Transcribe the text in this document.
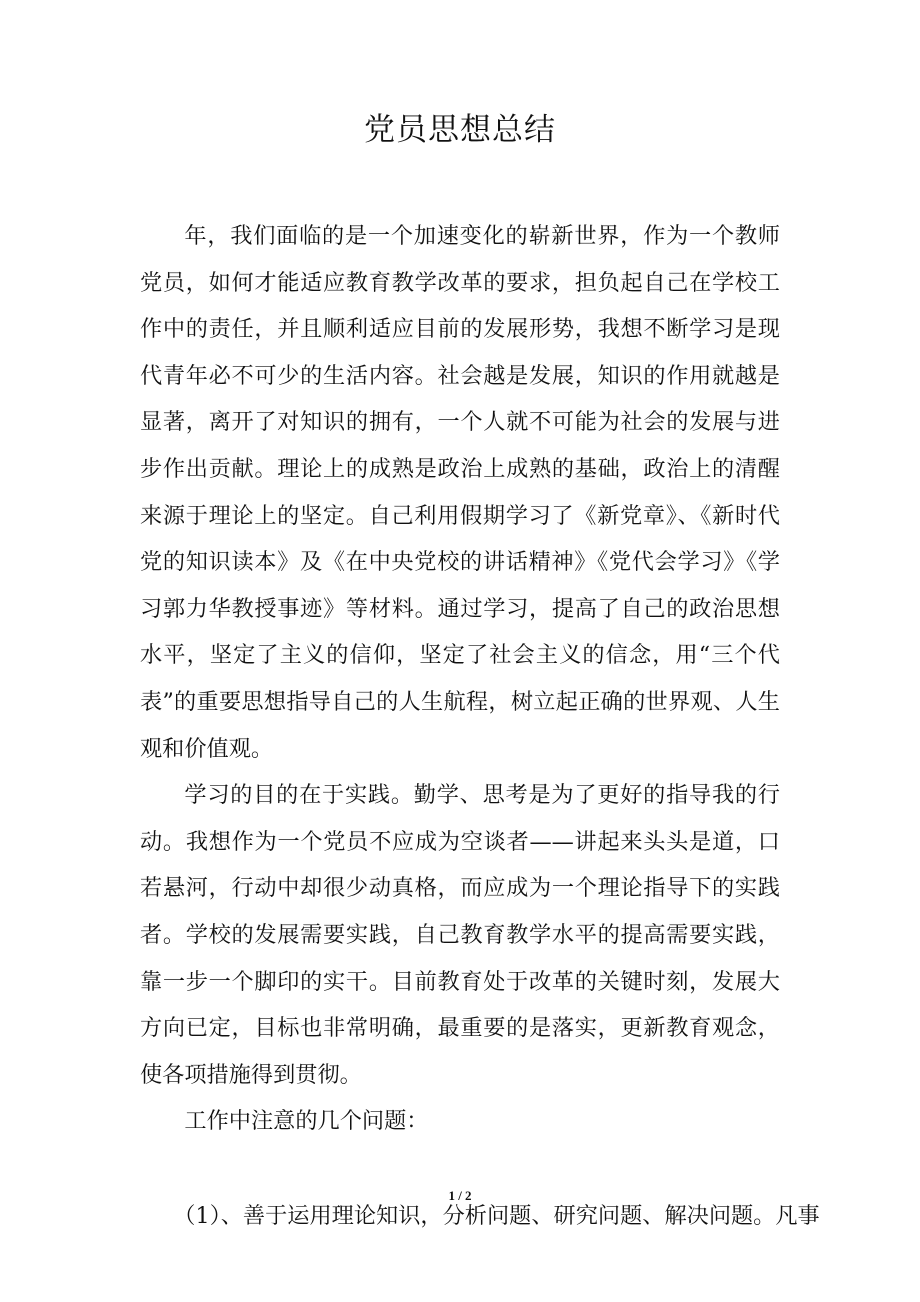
党员思想总结

年，我们面临的是一个加速变化的崭新世界，作为一个教师党员，如何才能适应教育教学改革的要求，担负起自己在学校工作中的责任，并且顺利适应目前的发展形势，我想不断学习是现代青年必不可少的生活内容。社会越是发展，知识的作用就越是显著，离开了对知识的拥有，一个人就不可能为社会的发展与进步作出贡献。理论上的成熟是政治上成熟的基础，政治上的清醒来源于理论上的坚定。自己利用假期学习了《新党章》、《新时代党的知识读本》及《在中央党校的讲话精神》《党代会学习》《学习郭力华教授事迹》等材料。通过学习，提高了自己的政治思想水平，坚定了主义的信仰，坚定了社会主义的信念，用“三个代表”的重要思想指导自己的人生航程，树立起正确的世界观、人生观和价值观。

学习的目的在于实践。勤学、思考是为了更好的指导我的行动。我想作为一个党员不应成为空谈者——讲起来头头是道，口若悬河，行动中却很少动真格，而应成为一个理论指导下的实践者。学校的发展需要实践，自己教育教学水平的提高需要实践，靠一步一个脚印的实干。目前教育处于改革的关键时刻，发展大方向已定，目标也非常明确，最重要的是落实，更新教育观念，使各项措施得到贯彻。

工作中注意的几个问题：

（1）、善于运用理论知识，分析问题、研究问题、解决问题。凡事

1 / 2
